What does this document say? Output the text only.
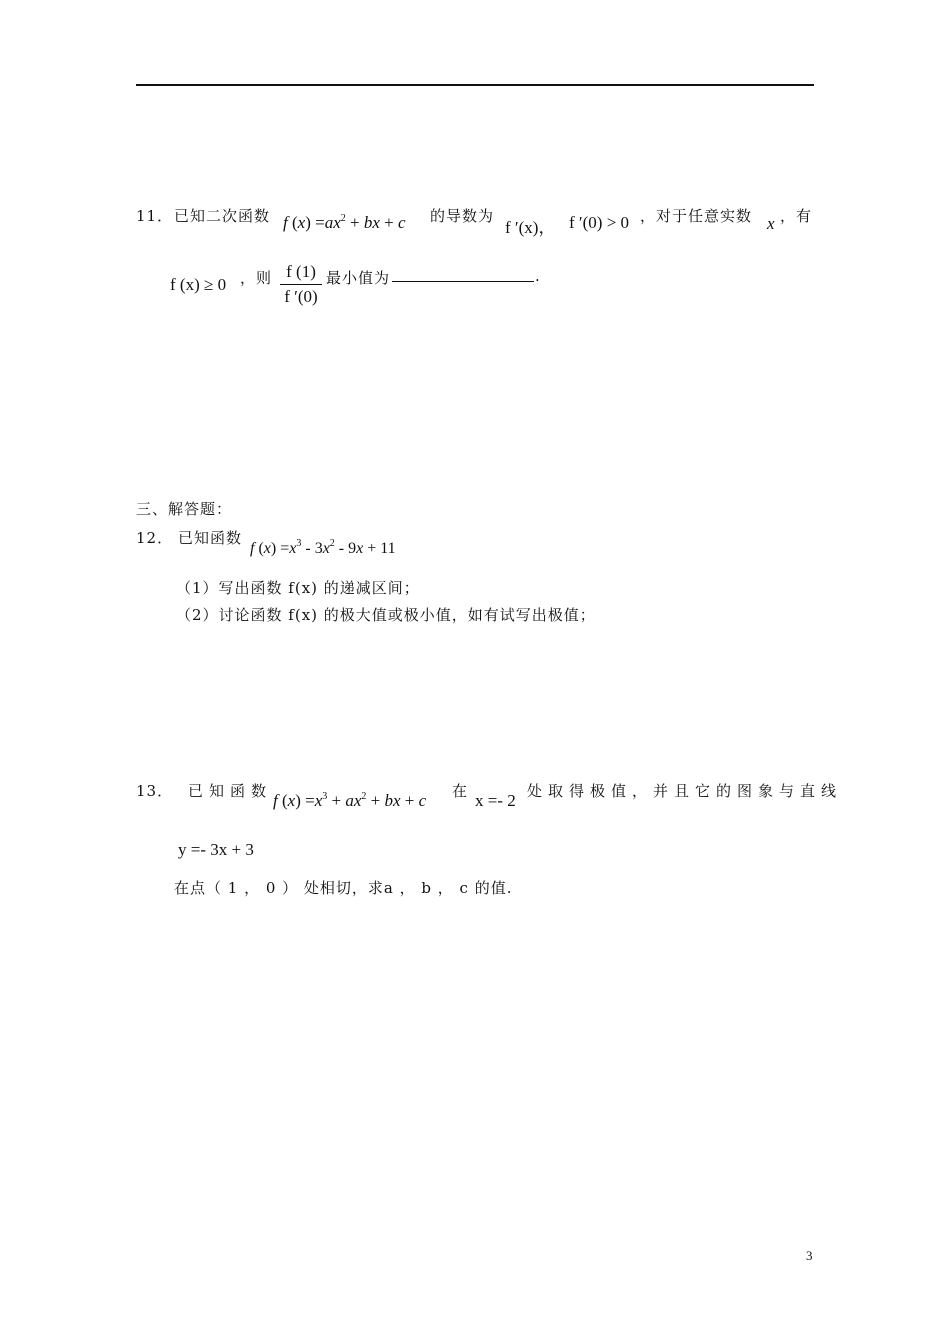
11． 已知二次函数 f $(x) =ax^2$ + bx + c 的导数为
f ′(x)， f ′(0) > 0 ，对于任意实数 x ，有
f (x) ≥ 0 ，则 f (1)
f ′(0)
最小值为	.
三、解答题：
12． 已知函数
f $(x) =x^3 - 3x^2 - 9x + 11$
（1）写出函数 f(x) 的递减区间；
（2）讨论函数 f(x) 的极大值或极小值，如有试写出极值；
13． 已知函数 f $(x) =x^3 + ax^2$ + bx + c 在 x =- 2 处取得极值，并且它的图象与直线
y =- 3x + 3
在点（ 1 ， 0 ） 处相切，求a ， b ， c 的值.
3
